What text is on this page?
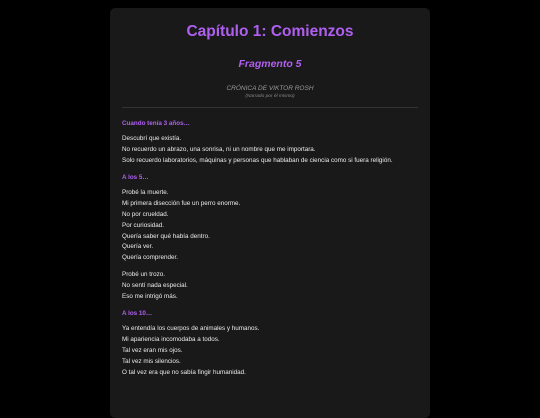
Capítulo 1: Comienzos
Fragmento 5
CRÓNICA DE VIKTOR ROSH
(Narrado por él mismo)
Cuando tenía 3 años…
Descubrí que existía.
No recuerdo un abrazo, una sonrisa, ni un nombre que me importara.
Solo recuerdo laboratorios, máquinas y personas que hablaban de ciencia como si fuera religión.
A los 5…
Probé la muerte.
Mi primera disección fue un perro enorme.
No por crueldad.
Por curiosidad.
Quería saber qué había dentro.
Quería ver.
Quería comprender.
Probé un trozo.
No sentí nada especial.
Eso me intrigó más.
A los 10…
Ya entendía los cuerpos de animales y humanos.
Mi apariencia incomodaba a todos.
Tal vez eran mis ojos.
Tal vez mis silencios.
O tal vez era que no sabía fingir humanidad.
